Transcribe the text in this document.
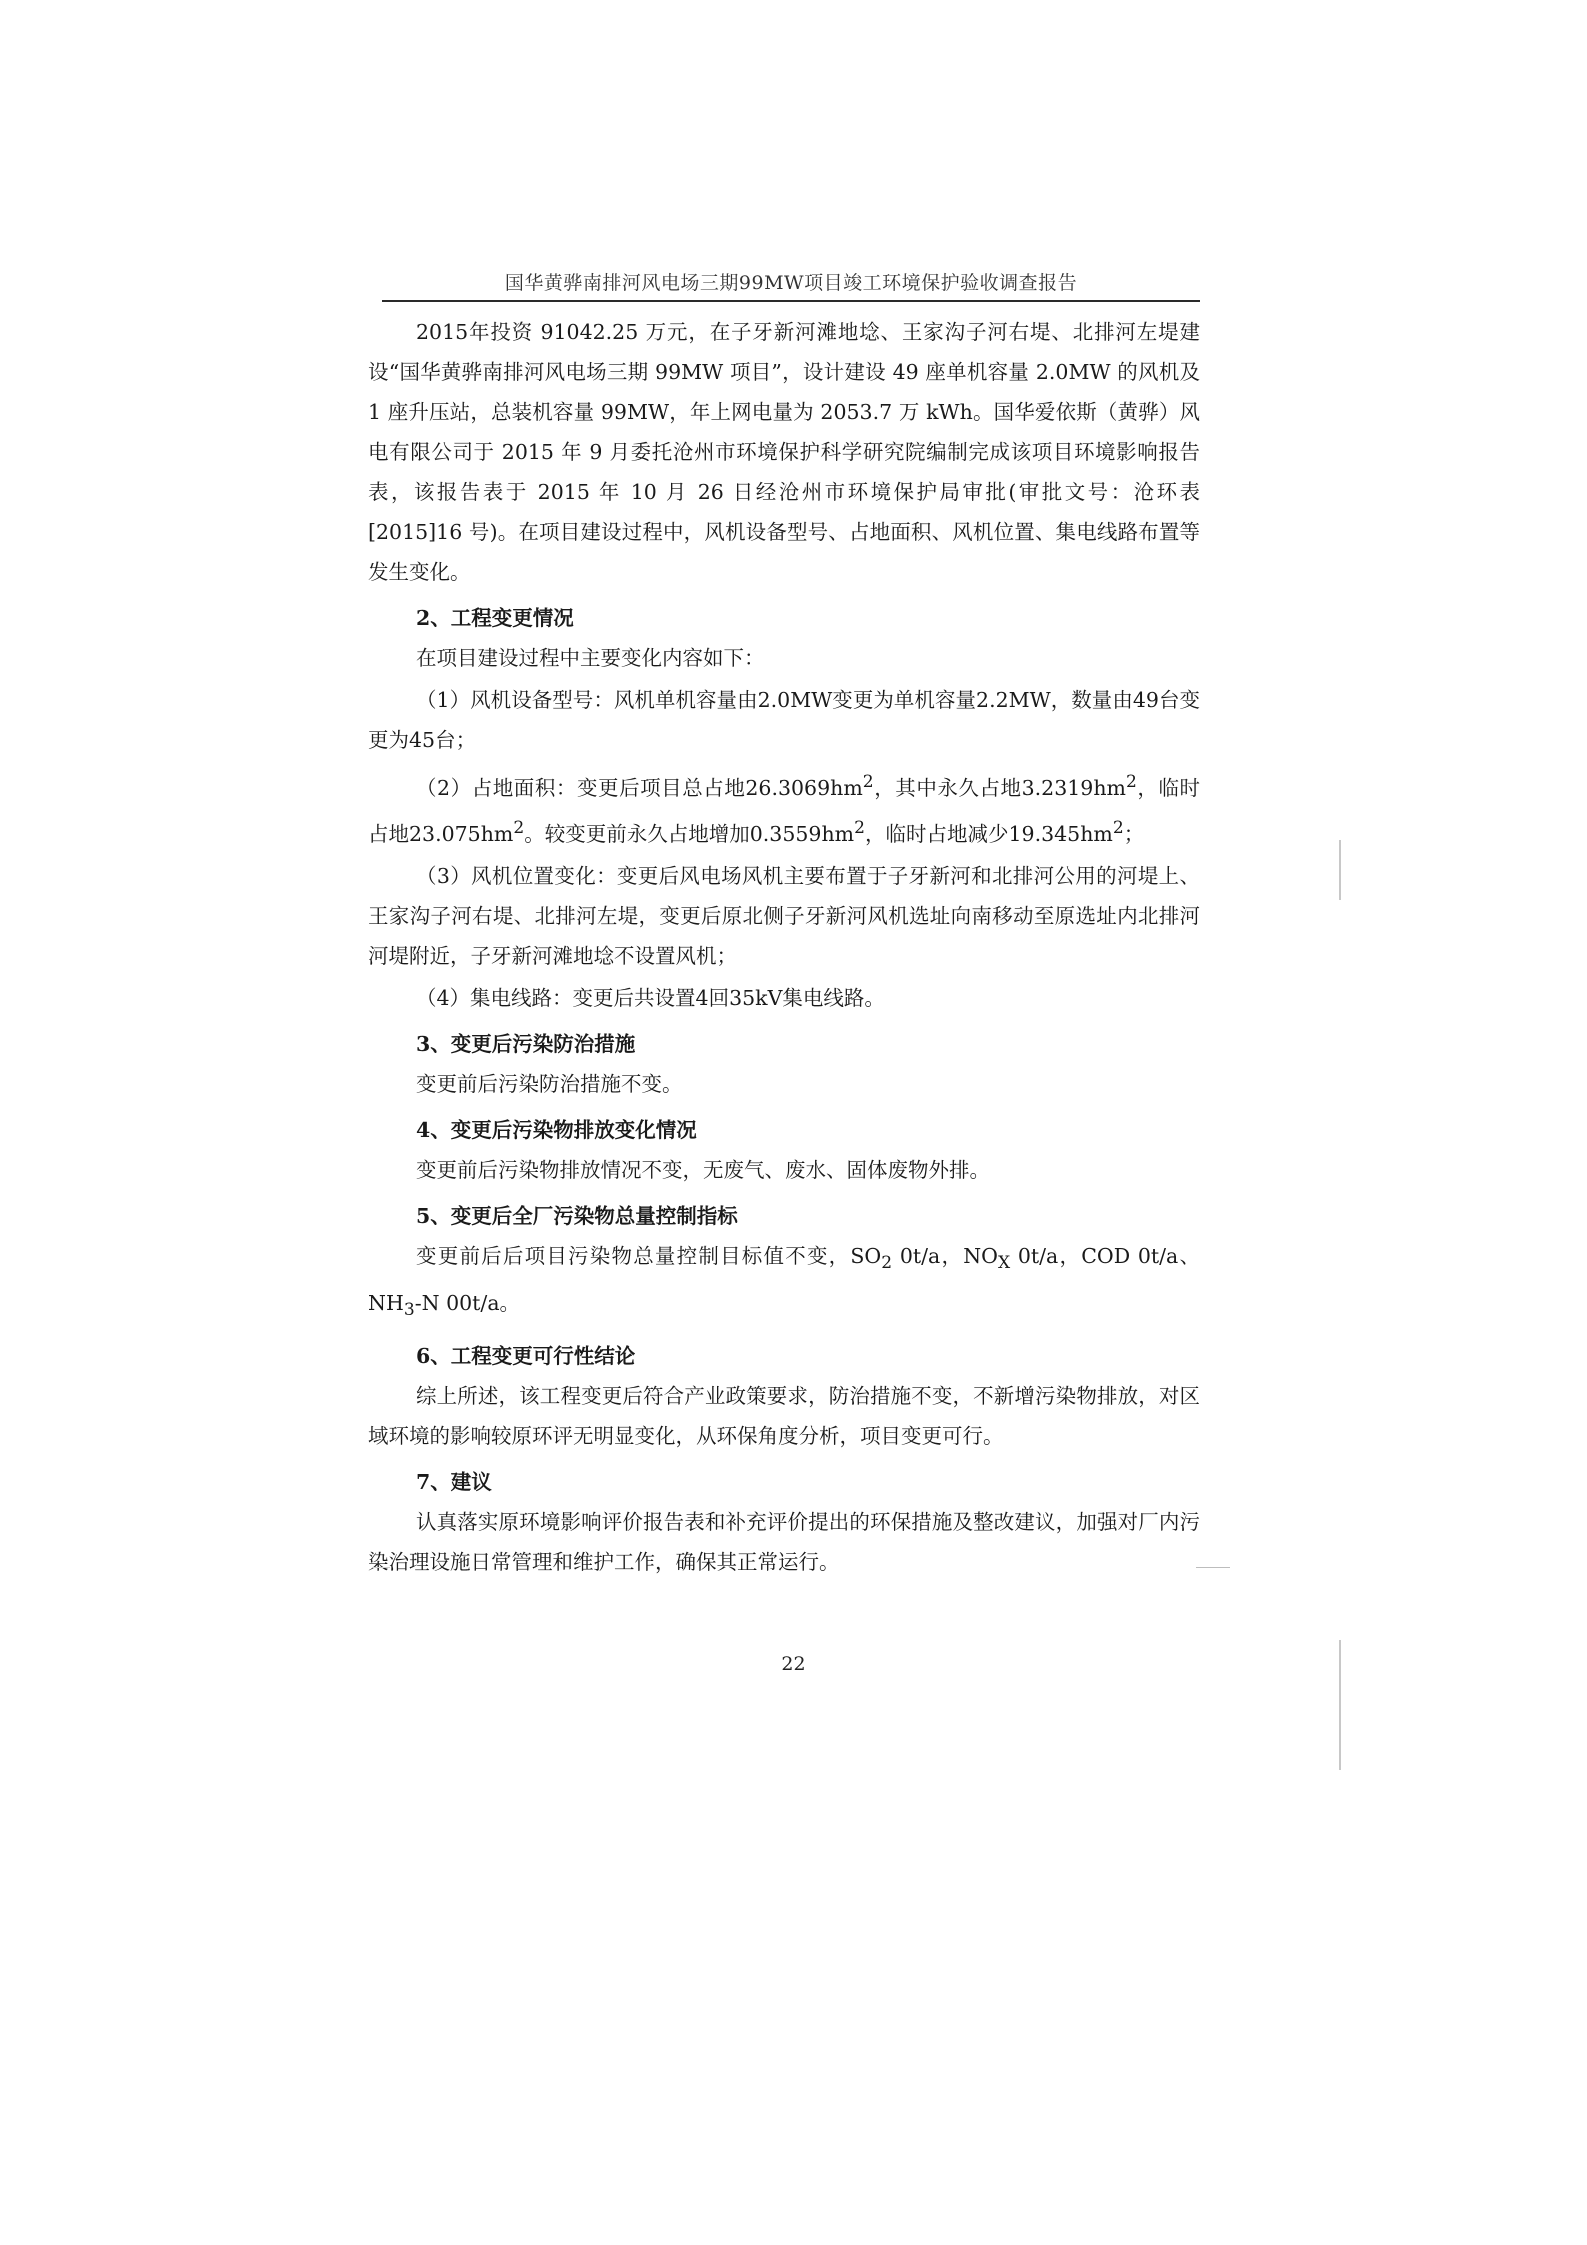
国华黄骅南排河风电场三期99MW项目竣工环境保护验收调查报告

2015年投资 91042.25 万元，在子牙新河滩地埝、王家沟子河右堤、北排河左堤建设“国华黄骅南排河风电场三期 99MW 项目”，设计建设 49 座单机容量 2.0MW 的风机及 1 座升压站，总装机容量 99MW，年上网电量为 2053.7 万 kWh。国华爱依斯（黄骅）风电有限公司于 2015 年 9 月委托沧州市环境保护科学研究院编制完成该项目环境影响报告表，该报告表于 2015 年 10 月 26 日经沧州市环境保护局审批(审批文号：沧环表[2015]16 号)。在项目建设过程中，风机设备型号、占地面积、风机位置、集电线路布置等发生变化。

2、工程变更情况

在项目建设过程中主要变化内容如下：

（1）风机设备型号：风机单机容量由2.0MW变更为单机容量2.2MW，数量由49台变更为45台；

（2）占地面积：变更后项目总占地$26.3069hm^2$，其中永久占地$3.2319hm^2$，临时占地$23.075hm^2$。较变更前永久占地增加$0.3559hm^2$，临时占地减少$19.345hm^2$；

（3）风机位置变化：变更后风电场风机主要布置于子牙新河和北排河公用的河堤上、王家沟子河右堤、北排河左堤，变更后原北侧子牙新河风机选址向南移动至原选址内北排河河堤附近，子牙新河滩地埝不设置风机；

（4）集电线路：变更后共设置4回35kV集电线路。

3、变更后污染防治措施

变更前后污染防治措施不变。

4、变更后污染物排放变化情况

变更前后污染物排放情况不变，无废气、废水、固体废物外排。

5、变更后全厂污染物总量控制指标

变更前后后项目污染物总量控制目标值不变，$SO_2$ 0t/a，$NO_X$ 0t/a，COD 0t/a、$NH_3-N$ 00t/a。

6、工程变更可行性结论

综上所述，该工程变更后符合产业政策要求，防治措施不变，不新增污染物排放，对区域环境的影响较原环评无明显变化，从环保角度分析，项目变更可行。

7、建议

认真落实原环境影响评价报告表和补充评价提出的环保措施及整改建议，加强对厂内污染治理设施日常管理和维护工作，确保其正常运行。

22
